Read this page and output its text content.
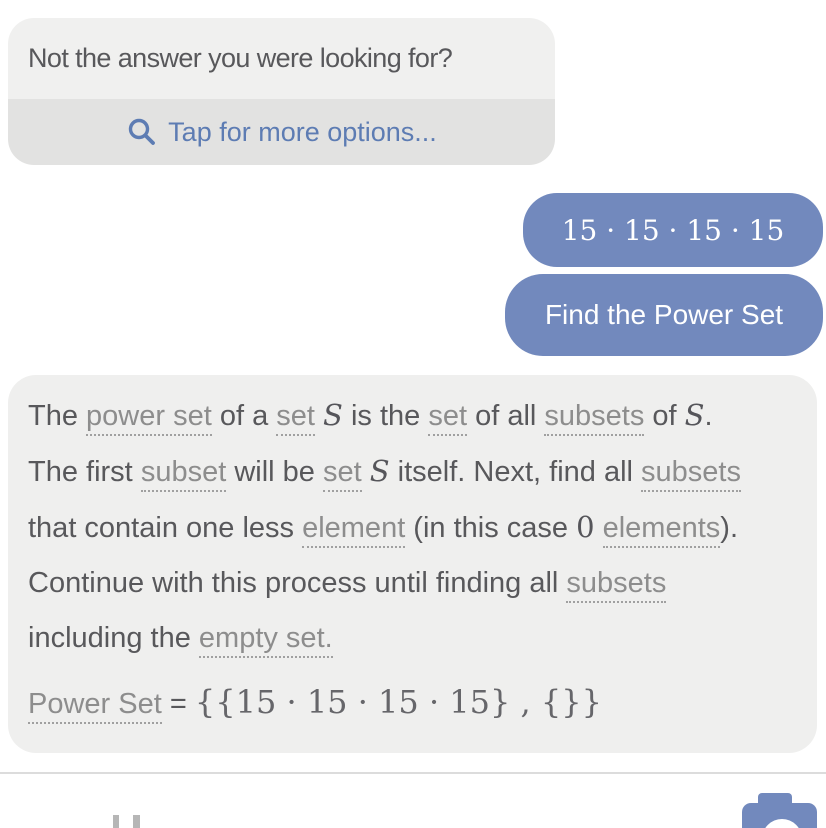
Not the answer you were looking for?
Tap for more options...
15 · 15 · 15 · 15
Find the Power Set
The power set of a set S is the set of all subsets of S.
The first subset will be set S itself. Next, find all subsets
that contain one less element (in this case 0 elements).
Continue with this process until finding all subsets
including the empty set.
Power Set = {{15 · 15 · 15 · 15} , {}}
